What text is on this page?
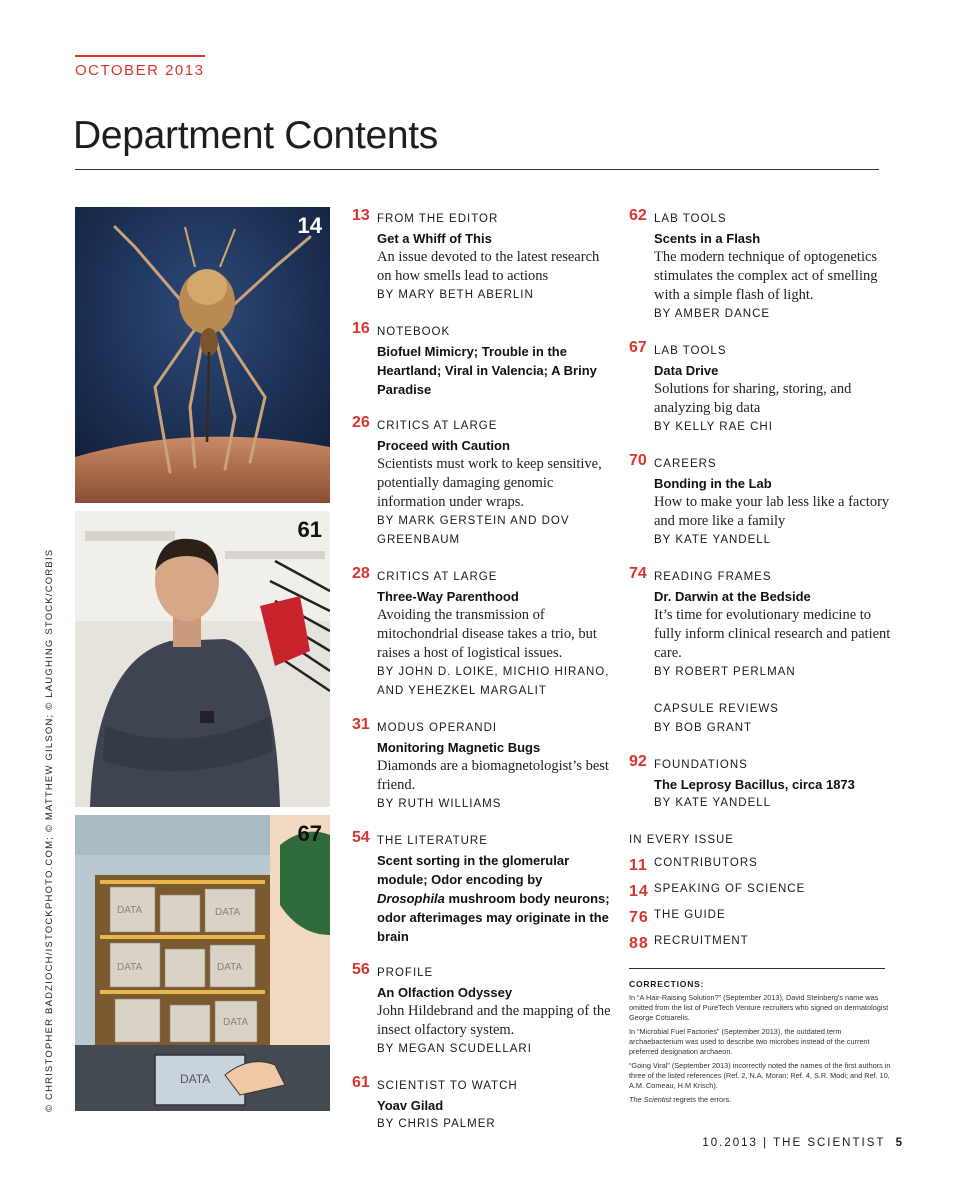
OCTOBER 2013
Department Contents
© CHRISTOPHER BADZIOCH/ISTOCKPHOTO.COM; © MATTHEW GILSON; © LAUGHING STOCK/CORBIS
14
61
DATA	DATA
DATA	DATA
DATA
DATA
67
13 FROM THE EDITOR
Get a Whiff of This
An issue devoted to the latest research on how smells lead to actions
BY MARY BETH ABERLIN
16 NOTEBOOK
Biofuel Mimicry; Trouble in the Heartland; Viral in Valencia; A Briny Paradise
26 CRITICS AT LARGE
Proceed with Caution
Scientists must work to keep sensitive, potentially damaging genomic information under wraps.
BY MARK GERSTEIN AND DOV GREENBAUM
28 CRITICS AT LARGE
Three-Way Parenthood
Avoiding the transmission of mitochondrial disease takes a trio, but raises a host of logistical issues.
BY JOHN D. LOIKE, MICHIO HIRANO, AND YEHEZKEL MARGALIT
31 MODUS OPERANDI
Monitoring Magnetic Bugs
Diamonds are a biomagnetologist’s best friend.
BY RUTH WILLIAMS
54 THE LITERATURE
Scent sorting in the glomerular module; Odor encoding by Drosophila mushroom body neurons; odor afterimages may originate in the brain
56 PROFILE
An Olfaction Odyssey
John Hildebrand and the mapping of the insect olfactory system.
BY MEGAN SCUDELLARI
61 SCIENTIST TO WATCH
Yoav Gilad
BY CHRIS PALMER
62 LAB TOOLS
Scents in a Flash
The modern technique of optogenetics stimulates the complex act of smelling with a simple flash of light.
BY AMBER DANCE
67 LAB TOOLS
Data Drive
Solutions for sharing, storing, and analyzing big data
BY KELLY RAE CHI
70 CAREERS
Bonding in the Lab
How to make your lab less like a factory and more like a family
BY KATE YANDELL
74 READING FRAMES
Dr. Darwin at the Bedside
It’s time for evolutionary medicine to fully inform clinical research and patient care.
BY ROBERT PERLMAN
CAPSULE REVIEWS
BY BOB GRANT
92 FOUNDATIONS
The Leprosy Bacillus, circa 1873
BY KATE YANDELL
IN EVERY ISSUE
11 CONTRIBUTORS
14 SPEAKING OF SCIENCE
76 THE GUIDE
88 RECRUITMENT
CORRECTIONS:

In “A Hair-Raising Solution?” (September 2013), David Steinberg’s name was omitted from the list of PureTech Venture recruiters who signed on dermatologist George Cotsarelis.

In “Microbial Fuel Factories” (September 2013), the outdated term archaebacterium was used to describe two microbes instead of the current preferred designation archaeon.

“Going Viral” (September 2013) incorrectly noted the names of the first authors in three of the listed references (Ref. 2, N.A. Moran; Ref. 4, S.R. Modi; and Ref. 10, A.M. Comeau, H.M Krisch).

The Scientist regrets the errors.

10.2013 | THE SCIENTIST 5
